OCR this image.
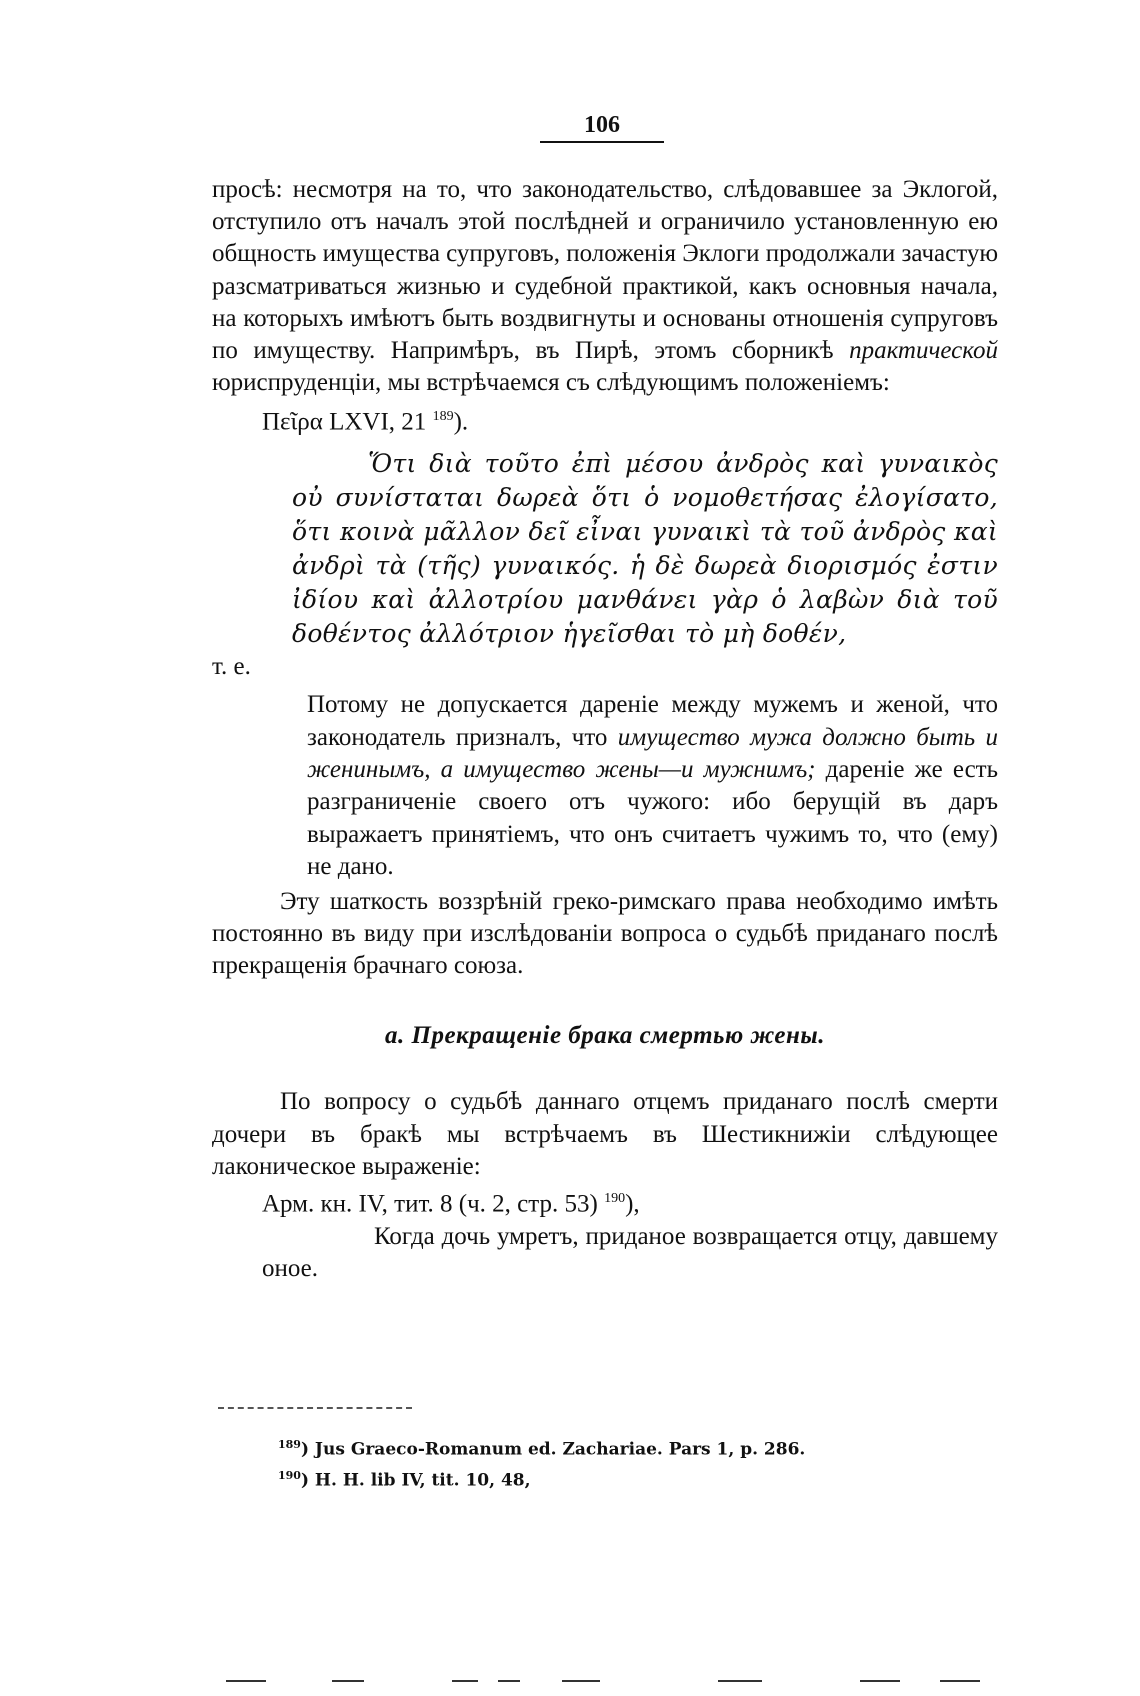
106

просѣ: несмотря на то, что законодательство, слѣдовавшее за Эклогой, отступило отъ началъ этой послѣдней и ограничило установленную ею общность имущества супруговъ, положенія Эклоги продолжали зачастую разсматриваться жизнью и судебной практикой, какъ основныя начала, на которыхъ имѣютъ быть воздвигнуты и основаны отношенія супруговъ по имуществу. Напримѣръ, въ Пирѣ, этомъ сборникѣ практической юриспруденціи, мы встрѣчаемся съ слѣдующимъ положеніемъ:

Πεῖρα LXVI, 21 $^{189}$).

Ὅτι διὰ τοῦτο ἐπὶ μέσου ἀνδρὸς καὶ γυναικὸς οὐ συνίσταται δωρεὰ ὅτι ὁ νομοθετήσας ἐλογίσατο, ὅτι κοινὰ μᾶλλον δεῖ εἶναι γυναικὶ τὰ τοῦ ἀνδρὸς καὶ ἀνδρὶ τὰ (τῆς) γυναικός. ἡ δὲ δωρεὰ διορισμός ἐστιν ἰδίου καὶ ἀλλοτρίου μανθάνει γὰρ ὁ λαβὼν διὰ τοῦ δοθέντος ἀλλότριον ἡγεῖσθαι τὸ μὴ δοθέν,

т. е.

Потому не допускается дареніе между мужемъ и женой, что законодатель призналъ, что имущество мужа должно быть и женинымъ, а имущество жены—и мужнимъ; дареніе же есть разграниченіе своего отъ чужого: ибо берущій въ даръ выражаетъ принятіемъ, что онъ считаетъ чужимъ то, что (ему) не дано.

Эту шаткость воззрѣній греко-римскаго права необходимо имѣть постоянно въ виду при изслѣдованіи вопроса о судьбѣ приданаго послѣ прекращенія брачнаго союза.

a. Прекращеніе брака смертью жены.

По вопросу о судьбѣ даннаго отцемъ приданаго послѣ смерти дочери въ бракѣ мы встрѣчаемъ въ Шестикнижіи слѣдующее лаконическое выраженіе:

Арм. кн. IV, тит. 8 (ч. 2, стр. 53) $^{190}$),

Когда дочь умретъ, приданое возвращается отцу, давшему оное.

$^{189}$) Jus Graeco-Romanum ed. Zachariae. Pars 1, p. 286.

$^{190}$) H. H. lib IV, tit. 10, 48,
